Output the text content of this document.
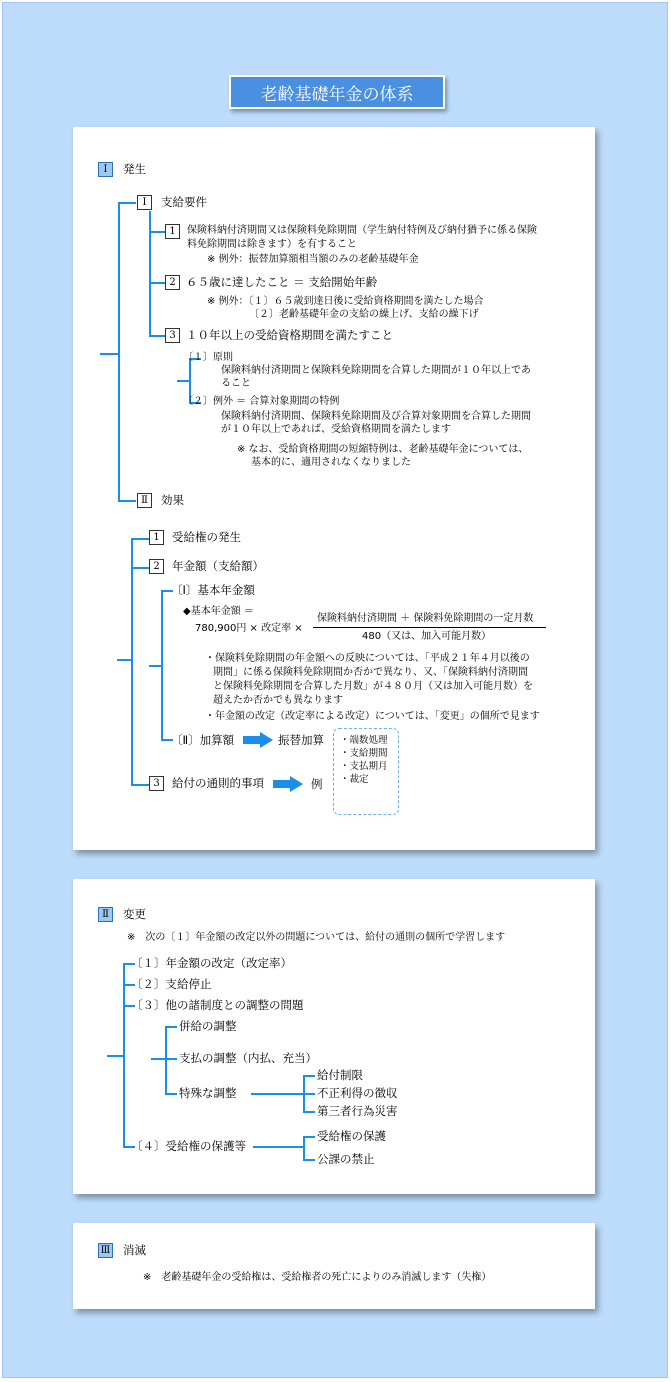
老齢基礎年金の体系
Ⅰ	発生
Ⅰ	支給要件
1	保険料納付済期間又は保険料免除期間（学生納付特例及び納付猶予に係る保険
料免除期間は除きます）を有すること
※ 例外：振替加算額相当額のみの老齢基礎年金
2 ６５歳に達したこと ＝ 支給開始年齢
※ 例外：〔１〕６５歳到達日後に受給資格期間を満たした場合
〔２〕老齢基礎年金の支給の繰上げ、支給の繰下げ
3 １０年以上の受給資格期間を満たすこと
〔１〕原則
保険料納付済期間と保険料免除期間を合算した期間が１０年以上であ
ること
〔２〕例外 ＝ 合算対象期間の特例
保険料納付済期間、保険料免除期間及び合算対象期間を合算した期間
が１０年以上であれば、受給資格期間を満たします
※ なお、受給資格期間の短縮特例は、老齢基礎年金については、
基本的に、適用されなくなりました
Ⅱ	効果
1	受給権の発生
2	年金額（支給額）
〔Ⅰ〕基本年金額
◆基本年金額 ＝
780,900円 × 改定率 ×
保険料納付済期間 ＋ 保険料免除期間の一定月数
480（又は、加入可能月数）
・保険料免除期間の年金額への反映については、「平成２１年４月以後の
期間」に係る保険料免除期間か否かで異なり、又、「保険料納付済期間
と保険料免除期間を合算した月数」が４８０月（又は加入可能月数）を
超えたか否かでも異なります
・年金額の改定（改定率による改定）については、「変更」の個所で見ます
〔Ⅱ〕加算額	振替加算
3	給付の通則的事項	例
・端数処理
・支給期間
・支払期月
・裁定
Ⅱ	変更
※　次の〔１〕年金額の改定以外の問題については、給付の通則の個所で学習します
〔１〕年金額の改定（改定率）
〔２〕支給停止
〔３〕他の諸制度との調整の問題
併給の調整
支払の調整（内払、充当）
特殊な調整
給付制限
不正利得の徴収
第三者行為災害
〔４〕受給権の保護等
受給権の保護
公課の禁止
Ⅲ 消滅
※　老齢基礎年金の受給権は、受給権者の死亡によりのみ消滅します（失権）
